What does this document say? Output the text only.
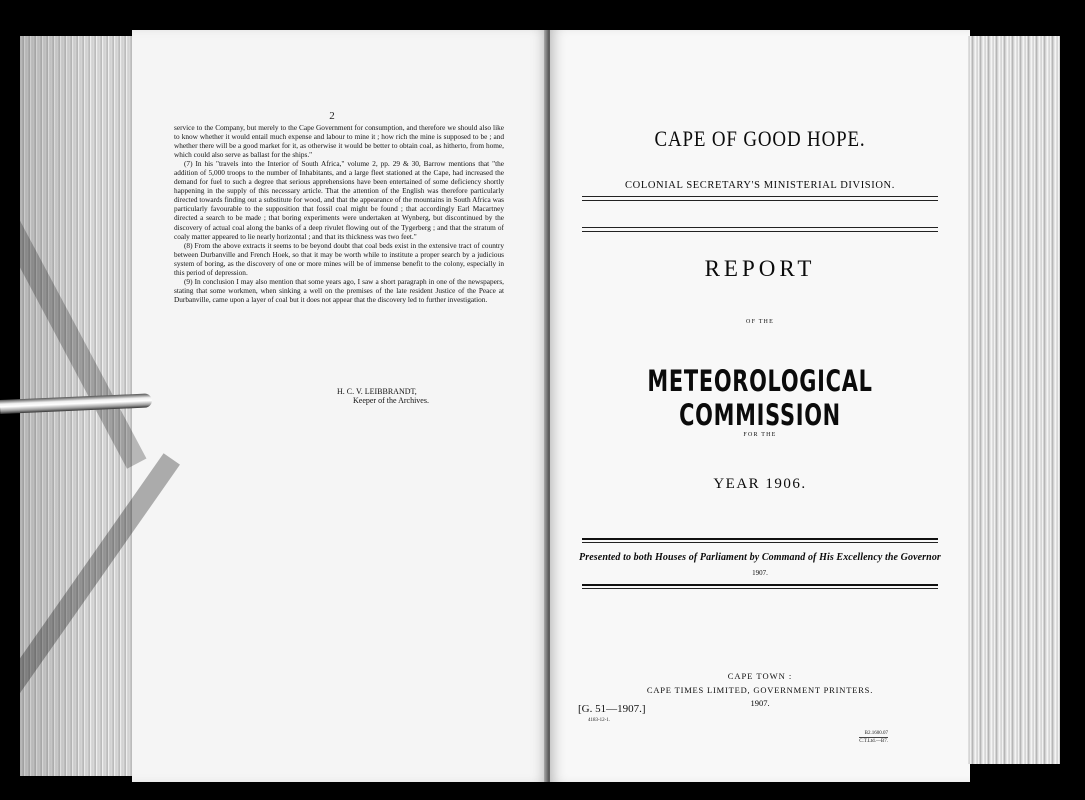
2

service to the Company, but merely to the Cape Government for consumption, and therefore we should also like to know whether it would entail much expense and labour to mine it ; how rich the mine is supposed to be ; and whether there will be a good market for it, as otherwise it would be better to obtain coal, as hitherto, from home, which could also serve as ballast for the ships."

(7) In his "travels into the Interior of South Africa," volume 2, pp. 29 & 30, Barrow mentions that "the addition of 5,000 troops to the number of Inhabitants, and a large fleet stationed at the Cape, had increased the demand for fuel to such a degree that serious apprehensions have been entertained of some deficiency shortly happening in the supply of this necessary article. That the attention of the English was therefore particularly directed towards finding out a substitute for wood, and that the appearance of the mountains in South Africa was particularly favourable to the supposition that fossil coal might be found ; that accordingly Earl Macartney directed a search to be made ; that boring experiments were undertaken at Wynberg, but discontinued by the discovery of actual coal along the banks of a deep rivulet flowing out of the Tygerberg ; and that the stratum of coaly matter appeared to lie nearly horizontal ; and that its thickness was two feet."

(8) From the above extracts it seems to be beyond doubt that coal beds exist in the extensive tract of country between Durbanville and French Hoek, so that it may be worth while to institute a proper search by a judicious system of boring, as the discovery of one or more mines will be of immense benefit to the colony, especially in this period of depression.

(9) In conclusion I may also mention that some years ago, I saw a short paragraph in one of the newspapers, stating that some workmen, when sinking a well on the premises of the late resident Justice of the Peace at Durbanville, came upon a layer of coal but it does not appear that the discovery led to further investigation.

H. C. V. LEIBBRANDT,
Keeper of the Archives.
CAPE OF GOOD HOPE.
COLONIAL SECRETARY'S MINISTERIAL DIVISION.
REPORT
OF THE
METEOROLOGICAL COMMISSION
FOR THE
YEAR 1906.
Presented to both Houses of Parliament by Command of His Excellency the Governor
1907.
CAPE TOWN :
CAPE TIMES LIMITED, GOVERNMENT PRINTERS.
1907.
[G. 51—1907.]
4183-12-1.
B2.1600.07
C.T.Ltd.—B7.
